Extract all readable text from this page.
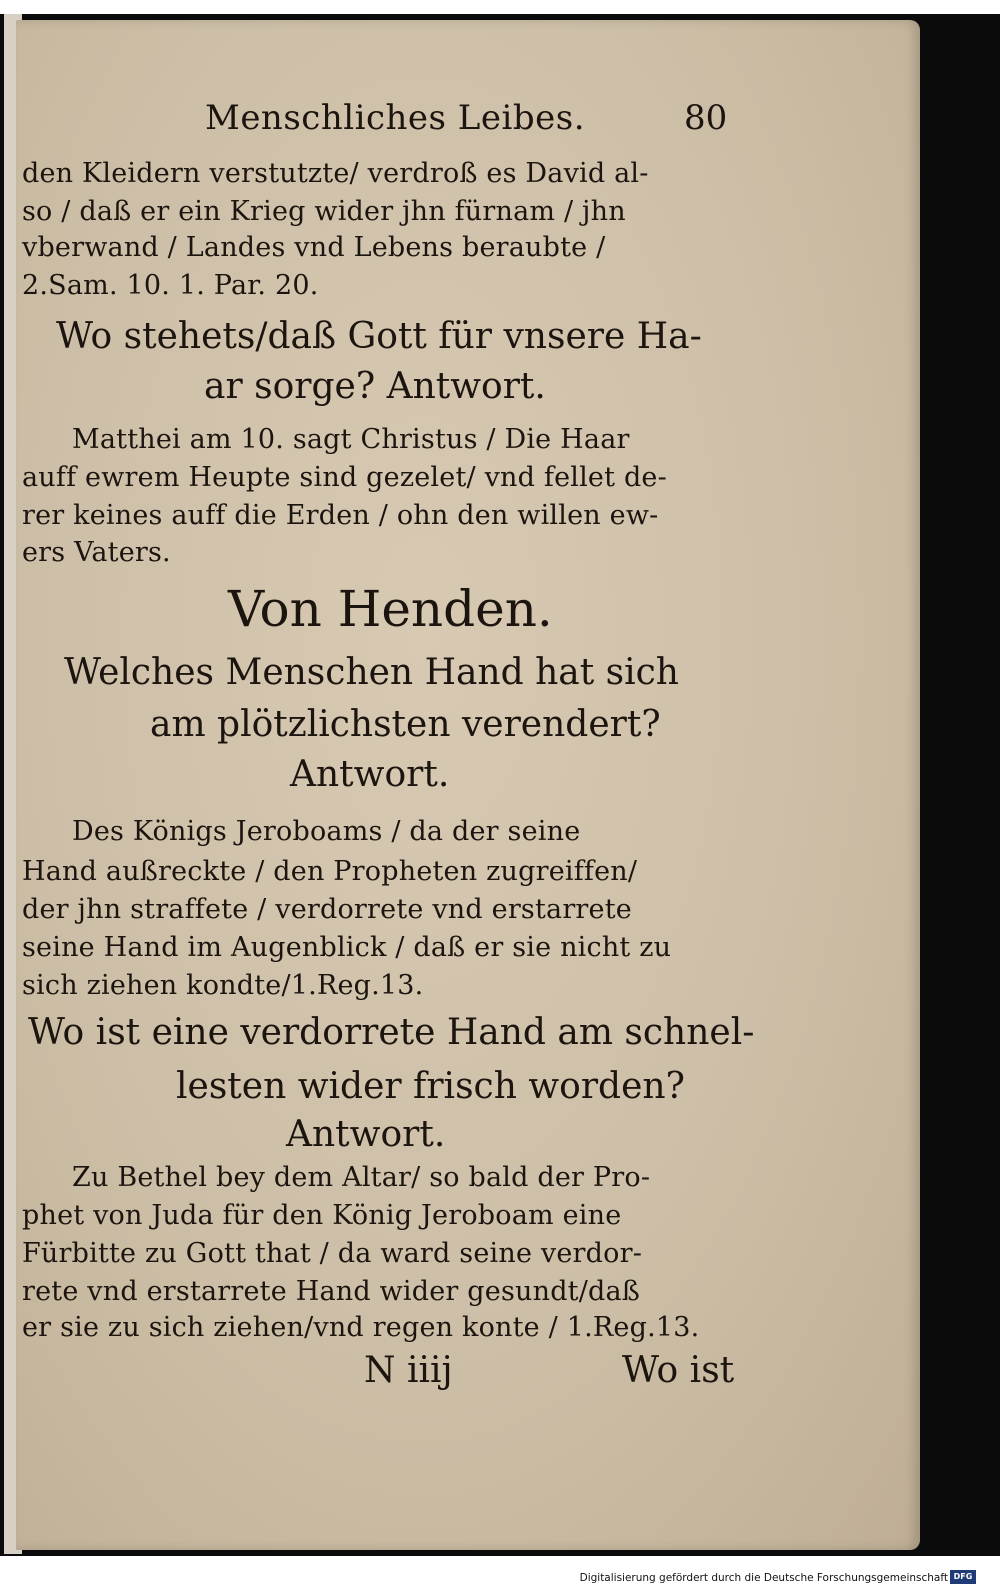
Menschliches Leibes.	80

den Kleidern verstutzte/ verdroß es David al-

so / daß er ein Krieg wider jhn fürnam / jhn

vberwand / Landes vnd Lebens beraubte /

2.Sam. 10. 1. Par. 20.

Wo stehets/daß Gott für vnsere Ha-

ar sorge? Antwort.

Matthei am 10. sagt Christus / Die Haar

auff ewrem Heupte sind gezelet/ vnd fellet de-

rer keines auff die Erden / ohn den willen ew-

ers Vaters.

Von Henden.

Welches Menschen Hand hat sich

am plötzlichsten verendert?

Antwort.

Des Königs Jeroboams / da der seine

Hand außreckte / den Propheten zugreiffen/

der jhn straffete / verdorrete vnd erstarrete

seine Hand im Augenblick / daß er sie nicht zu

sich ziehen kondte/1.Reg.13.

Wo ist eine verdorrete Hand am schnel-

lesten wider frisch worden?

Antwort.

Zu Bethel bey dem Altar/ so bald der Pro-

phet von Juda für den König Jeroboam eine

Fürbitte zu Gott that / da ward seine verdor-

rete vnd erstarrete Hand wider gesundt/daß

er sie zu sich ziehen/vnd regen konte / 1.Reg.13.

N iiij	Wo ist

Digitalisierung gefördert durch die Deutsche Forschungsgemeinschaft DFG
